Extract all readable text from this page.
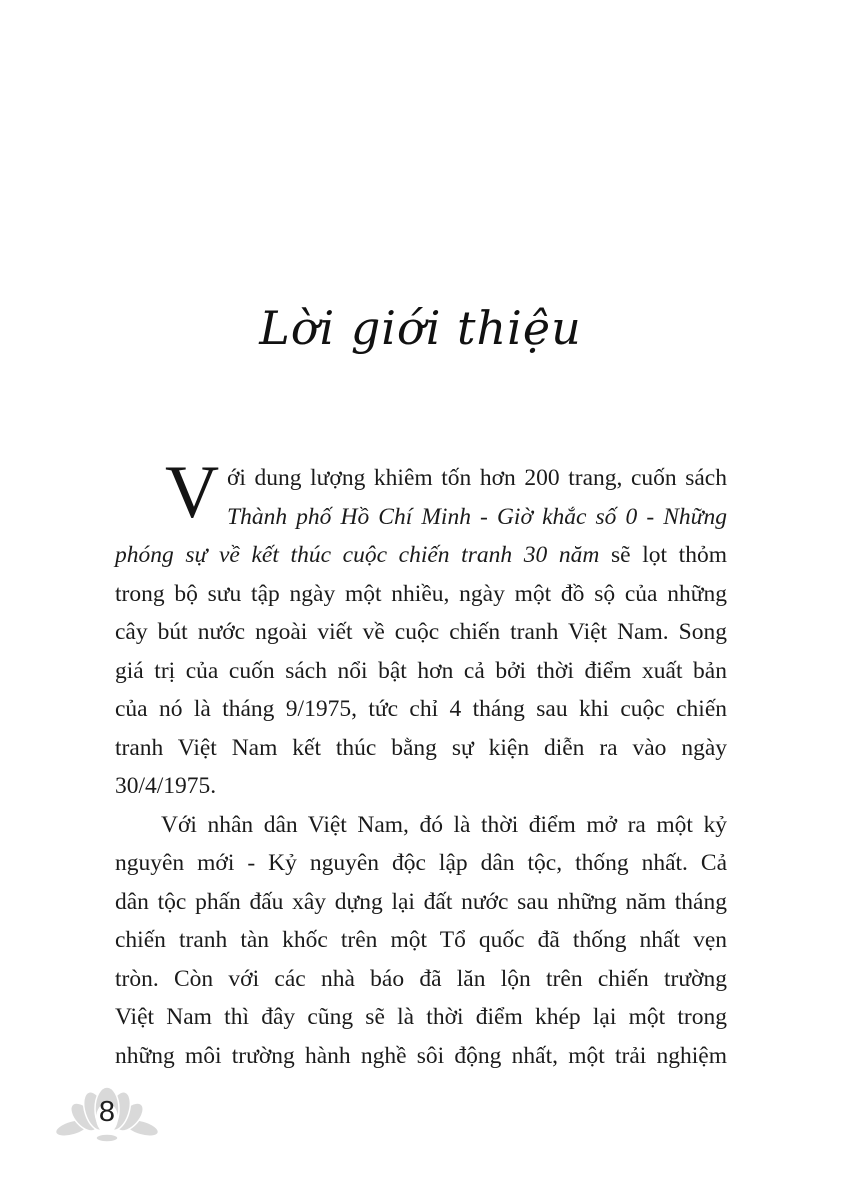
Lời giới thiệu
V ới dung lượng khiêm tốn hơn 200 trang, cuốn sách
Thành phố Hồ Chí Minh - Giờ khắc số 0 - Những
phóng sự về kết thúc cuộc chiến tranh 30 năm sẽ lọt thỏm
trong bộ sưu tập ngày một nhiều, ngày một đồ sộ của những
cây bút nước ngoài viết về cuộc chiến tranh Việt Nam. Song
giá trị của cuốn sách nổi bật hơn cả bởi thời điểm xuất bản
của nó là tháng 9/1975, tức chỉ 4 tháng sau khi cuộc chiến
tranh Việt Nam kết thúc bằng sự kiện diễn ra vào ngày
30/4/1975.
Với nhân dân Việt Nam, đó là thời điểm mở ra một kỷ
nguyên mới - Kỷ nguyên độc lập dân tộc, thống nhất. Cả
dân tộc phấn đấu xây dựng lại đất nước sau những năm tháng
chiến tranh tàn khốc trên một Tổ quốc đã thống nhất vẹn
tròn. Còn với các nhà báo đã lăn lộn trên chiến trường
Việt Nam thì đây cũng sẽ là thời điểm khép lại một trong
những môi trường hành nghề sôi động nhất, một trải nghiệm
8
